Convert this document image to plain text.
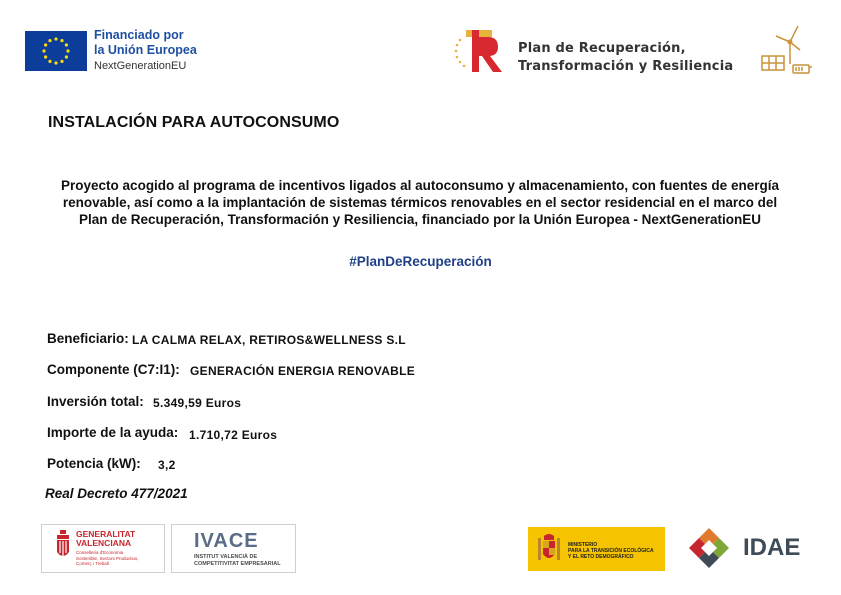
Financiado por
la Unión Europea
NextGenerationEU
Plan de Recuperación,
Transformación y Resiliencia
INSTALACIÓN PARA AUTOCONSUMO
Proyecto acogido al programa de incentivos ligados al autoconsumo y almacenamiento, con fuentes de energía
renovable, así como a la implantación de sistemas térmicos renovables en el sector residencial en el marco del
Plan de Recuperación, Transformación y Resiliencia, financiado por la Unión Europea - NextGenerationEU
#PlanDeRecuperación
Beneficiario: LA CALMA RELAX, RETIROS&WELLNESS S.L
Componente (C7:I1): GENERACIÓN ENERGIA RENOVABLE
Inversión total: 5.349,59 Euros
Importe de la ayuda: 1.710,72 Euros
Potencia (kW): 3,2
Real Decreto 477/2021
GENERALITAT
VALENCIANA
Conselleria d'Economia
Sostenible, Sectors Productius,
Comerç i Treball
IVACE
INSTITUT VALENCIÀ DE
COMPETITIVITAT EMPRESARIAL
MINISTERIO
PARA LA TRANSICIÓN ECOLÓGICA
Y EL RETO DEMOGRÁFICO	IDAE
